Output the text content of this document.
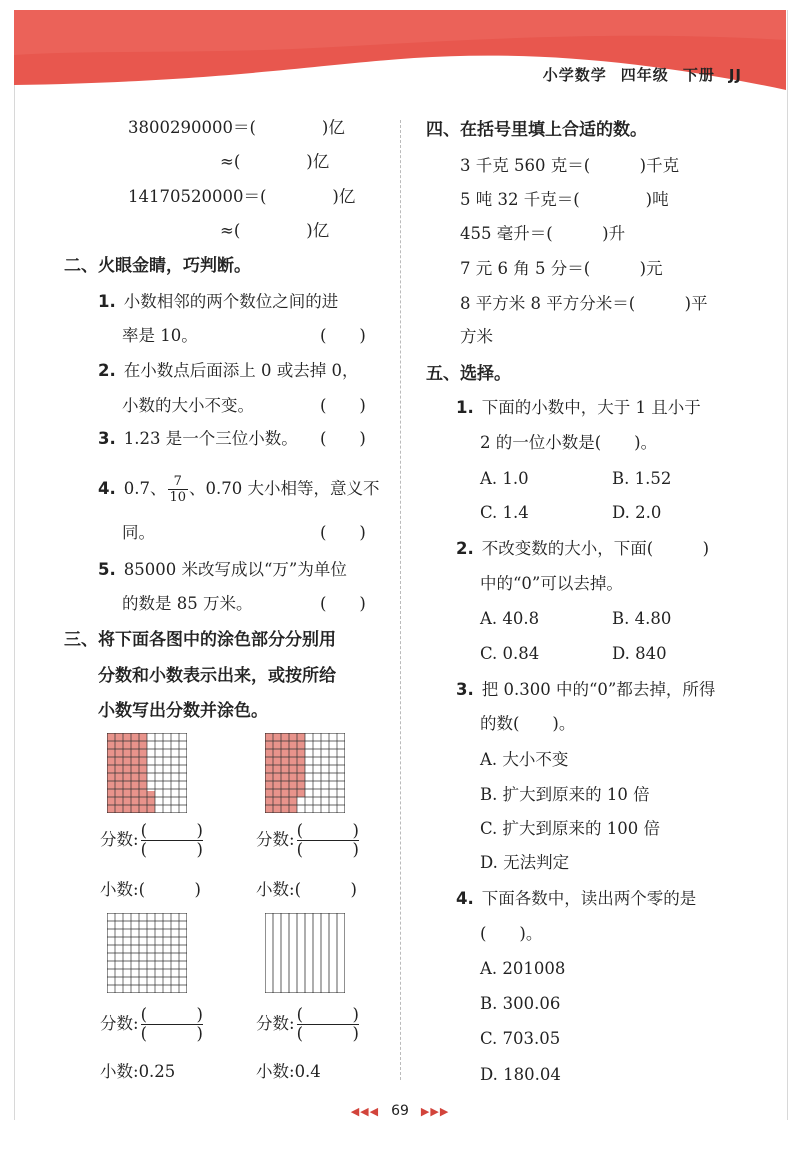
小学数学 四年级 下册 JJ
3800290000＝(　　　　)亿
≈(　　　　)亿
14170520000＝(　　　　)亿
≈(　　　　)亿
二、火眼金睛，巧判断。
1. 小数相邻的两个数位之间的进
率是 10。	(　　)
2. 在小数点后面添上 0 或去掉 0，
小数的大小不变。	(　　)
3. 1.23 是一个三位小数。 (　　)
4. 0.7、 $\frac{7}{10}$ 、0.70 大小相等，意义不
同。	(　　)
5. 85000 米改写成以“万”为单位
的数是 85 万米。	(　　)
三、将下面各图中的涂色部分分别用
分数和小数表示出来，或按所给
小数写出分数并涂色。
分数: (　　　)
(　　　)
分数: (　　　)
(　　　)
小数:(　　　)	小数:(　　　)
分数: (　　　)
(　　　)
分数: (　　　)
(　　　)
小数:0.25	小数:0.4
四、在括号里填上合适的数。
3 千克 560 克＝(　　　)千克
5 吨 32 千克＝(　　　　)吨
455 毫升＝(　　　)升
7 元 6 角 5 分＝(　　　)元
8 平方米 8 平方分米＝(　　　)平
方米
五、选择。
1. 下面的小数中，大于 1 且小于
2 的一位小数是(　　)。
A. 1.0	B. 1.52
C. 1.4	D. 2.0
2. 不改变数的大小，下面(　　　)
中的“0”可以去掉。
A. 40.8	B. 4.80
C. 0.84	D. 840
3. 把 0.300 中的“0”都去掉，所得
的数(　　)。
A. 大小不变
B. 扩大到原来的 10 倍
C. 扩大到原来的 100 倍
D. 无法判定
4. 下面各数中，读出两个零的是
(　　)。
A. 201008
B. 300.06
C. 703.05
D. 180.04
◀◀◀ 69 ▶▶▶
